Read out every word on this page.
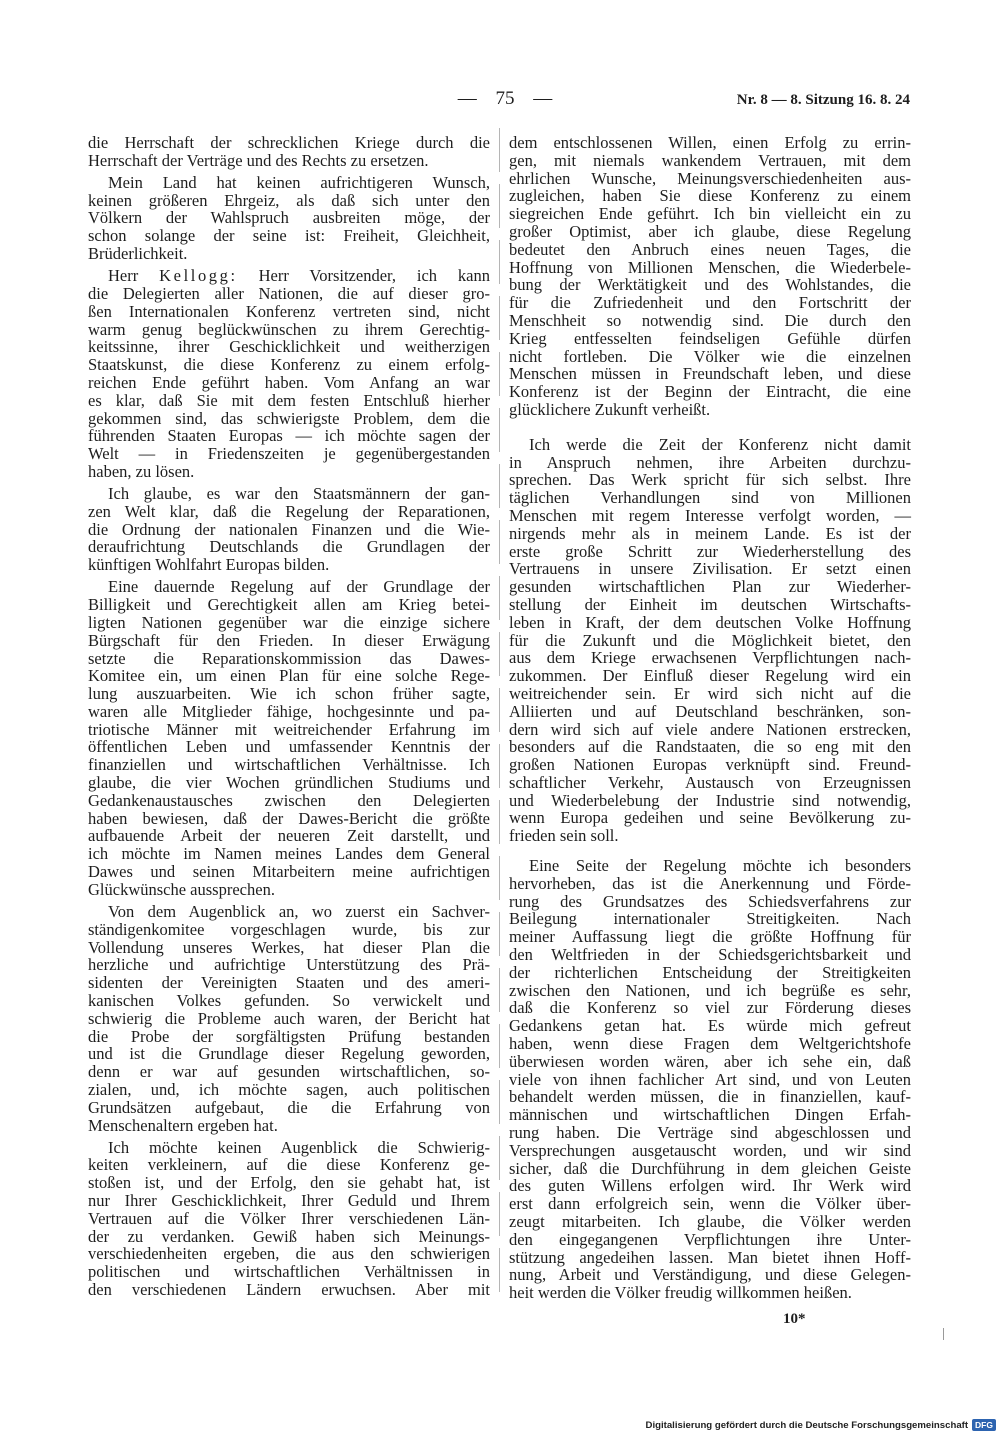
— 75 —	Nr. 8 — 8. Sitzung 16. 8. 24
die Herrschaft der schrecklichen Kriege durch die
Herrschaft der Verträge und des Rechts zu ersetzen.
Mein Land hat keinen aufrichtigeren Wunsch,
keinen größeren Ehrgeiz, als daß sich unter den
Völkern der Wahlspruch ausbreiten möge, der
schon solange der seine ist: Freiheit, Gleichheit,
Brüderlichkeit.
Herr Kellogg: Herr Vorsitzender, ich kann
die Delegierten aller Nationen, die auf dieser gro-
ßen Internationalen Konferenz vertreten sind, nicht
warm genug beglückwünschen zu ihrem Gerechtig-
keitssinne, ihrer Geschicklichkeit und weitherzigen
Staatskunst, die diese Konferenz zu einem erfolg-
reichen Ende geführt haben. Vom Anfang an war
es klar, daß Sie mit dem festen Entschluß hierher
gekommen sind, das schwierigste Problem, dem die
führenden Staaten Europas — ich möchte sagen der
Welt — in Friedenszeiten je gegenübergestanden
haben, zu lösen.
Ich glaube, es war den Staatsmännern der gan-
zen Welt klar, daß die Regelung der Reparationen,
die Ordnung der nationalen Finanzen und die Wie-
deraufrichtung Deutschlands die Grundlagen der
künftigen Wohlfahrt Europas bilden.
Eine dauernde Regelung auf der Grundlage der
Billigkeit und Gerechtigkeit allen am Krieg betei-
ligten Nationen gegenüber war die einzige sichere
Bürgschaft für den Frieden. In dieser Erwägung
setzte die Reparationskommission das Dawes-
Komitee ein, um einen Plan für eine solche Rege-
lung auszuarbeiten. Wie ich schon früher sagte,
waren alle Mitglieder fähige, hochgesinnte und pa-
triotische Männer mit weitreichender Erfahrung im
öffentlichen Leben und umfassender Kenntnis der
finanziellen und wirtschaftlichen Verhältnisse. Ich
glaube, die vier Wochen gründlichen Studiums und
Gedankenaustausches zwischen den Delegierten
haben bewiesen, daß der Dawes-Bericht die größte
aufbauende Arbeit der neueren Zeit darstellt, und
ich möchte im Namen meines Landes dem General
Dawes und seinen Mitarbeitern meine aufrichtigen
Glückwünsche aussprechen.
Von dem Augenblick an, wo zuerst ein Sachver-
ständigenkomitee vorgeschlagen wurde, bis zur
Vollendung unseres Werkes, hat dieser Plan die
herzliche und aufrichtige Unterstützung des Prä-
sidenten der Vereinigten Staaten und des ameri-
kanischen Volkes gefunden. So verwickelt und
schwierig die Probleme auch waren, der Bericht hat
die Probe der sorgfältigsten Prüfung bestanden
und ist die Grundlage dieser Regelung geworden,
denn er war auf gesunden wirtschaftlichen, so-
zialen, und, ich möchte sagen, auch politischen
Grundsätzen aufgebaut, die die Erfahrung von
Menschenaltern ergeben hat.
Ich möchte keinen Augenblick die Schwierig-
keiten verkleinern, auf die diese Konferenz ge-
stoßen ist, und der Erfolg, den sie gehabt hat, ist
nur Ihrer Geschicklichkeit, Ihrer Geduld und Ihrem
Vertrauen auf die Völker Ihrer verschiedenen Län-
der zu verdanken. Gewiß haben sich Meinungs-
verschiedenheiten ergeben, die aus den schwierigen
politischen und wirtschaftlichen Verhältnissen in
den verschiedenen Ländern erwuchsen. Aber mit
dem entschlossenen Willen, einen Erfolg zu errin-
gen, mit niemals wankendem Vertrauen, mit dem
ehrlichen Wunsche, Meinungsverschiedenheiten aus-
zugleichen, haben Sie diese Konferenz zu einem
siegreichen Ende geführt. Ich bin vielleicht ein zu
großer Optimist, aber ich glaube, diese Regelung
bedeutet den Anbruch eines neuen Tages, die
Hoffnung von Millionen Menschen, die Wiederbele-
bung der Werktätigkeit und des Wohlstandes, die
für die Zufriedenheit und den Fortschritt der
Menschheit so notwendig sind. Die durch den
Krieg entfesselten feindseligen Gefühle dürfen
nicht fortleben. Die Völker wie die einzelnen
Menschen müssen in Freundschaft leben, und diese
Konferenz ist der Beginn der Eintracht, die eine
glücklichere Zukunft verheißt.
Ich werde die Zeit der Konferenz nicht damit
in Anspruch nehmen, ihre Arbeiten durchzu-
sprechen. Das Werk spricht für sich selbst. Ihre
täglichen Verhandlungen sind von Millionen
Menschen mit regem Interesse verfolgt worden, —
nirgends mehr als in meinem Lande. Es ist der
erste große Schritt zur Wiederherstellung des
Vertrauens in unsere Zivilisation. Er setzt einen
gesunden wirtschaftlichen Plan zur Wiederher-
stellung der Einheit im deutschen Wirtschafts-
leben in Kraft, der dem deutschen Volke Hoffnung
für die Zukunft und die Möglichkeit bietet, den
aus dem Kriege erwachsenen Verpflichtungen nach-
zukommen. Der Einfluß dieser Regelung wird ein
weitreichender sein. Er wird sich nicht auf die
Alliierten und auf Deutschland beschränken, son-
dern wird sich auf viele andere Nationen erstrecken,
besonders auf die Randstaaten, die so eng mit den
großen Nationen Europas verknüpft sind. Freund-
schaftlicher Verkehr, Austausch von Erzeugnissen
und Wiederbelebung der Industrie sind notwendig,
wenn Europa gedeihen und seine Bevölkerung zu-
frieden sein soll.
Eine Seite der Regelung möchte ich besonders
hervorheben, das ist die Anerkennung und Förde-
rung des Grundsatzes des Schiedsverfahrens zur
Beilegung internationaler Streitigkeiten. Nach
meiner Auffassung liegt die größte Hoffnung für
den Weltfrieden in der Schiedsgerichtsbarkeit und
der richterlichen Entscheidung der Streitigkeiten
zwischen den Nationen, und ich begrüße es sehr,
daß die Konferenz so viel zur Förderung dieses
Gedankens getan hat. Es würde mich gefreut
haben, wenn diese Fragen dem Weltgerichtshofe
überwiesen worden wären, aber ich sehe ein, daß
viele von ihnen fachlicher Art sind, und von Leuten
behandelt werden müssen, die in finanziellen, kauf-
männischen und wirtschaftlichen Dingen Erfah-
rung haben. Die Verträge sind abgeschlossen und
Versprechungen ausgetauscht worden, und wir sind
sicher, daß die Durchführung in dem gleichen Geiste
des guten Willens erfolgen wird. Ihr Werk wird
erst dann erfolgreich sein, wenn die Völker über-
zeugt mitarbeiten. Ich glaube, die Völker werden
den eingegangenen Verpflichtungen ihre Unter-
stützung angedeihen lassen. Man bietet ihnen Hoff-
nung, Arbeit und Verständigung, und diese Gelegen-
heit werden die Völker freudig willkommen heißen.
10*
Digitalisierung gefördert durch die Deutsche Forschungsgemeinschaft DFG
